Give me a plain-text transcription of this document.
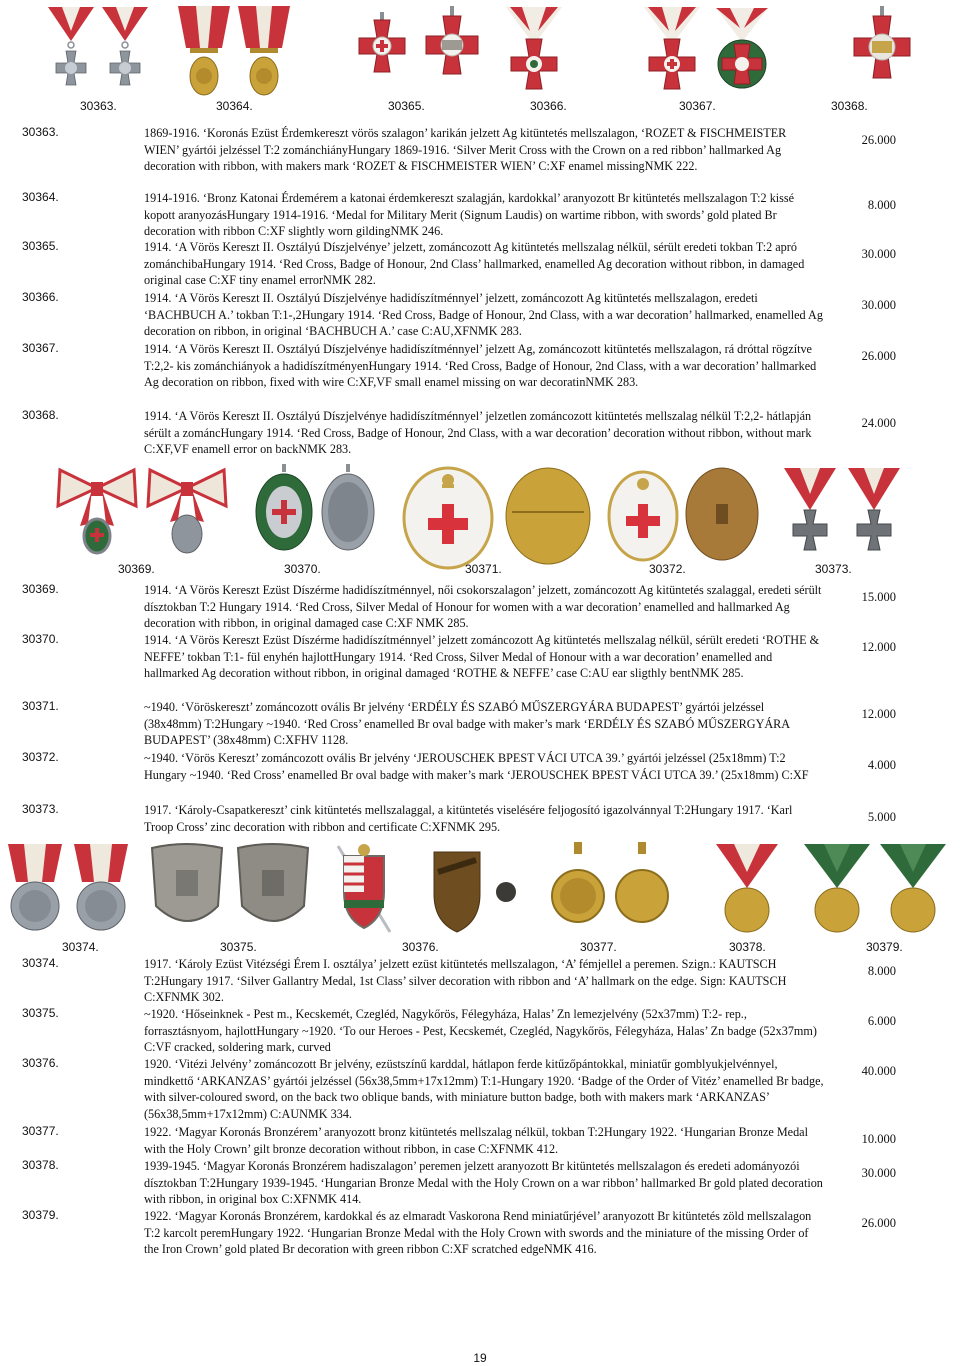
30363.	30364.	30365.	30366.	30367.	30368.
30363.	1869-1916. ‘Koronás Ezüst Érdemkereszt vörös szalagon’ karikán jelzett Ag kitüntetés mellszalagon, ‘ROZET & FISCHMEISTER WIEN’ gyártói jelzéssel T:2 zománchiányHungary 1869-1916. ‘Silver Merit Cross with the Crown on a red ribbon’ hallmarked Ag decoration with ribbon, with makers mark ‘ROZET & FISCHMEISTER WIEN’ C:XF enamel missingNMK 222.
26.000
30364.	1914-1916. ‘Bronz Katonai Érdemérem a katonai érdemkereszt szalagján, kardokkal’ aranyozott Br kitüntetés mellszalagon T:2 kissé kopott aranyozásHungary 1914-1916. ‘Medal for Military Merit (Signum Laudis) on wartime ribbon, with swords’ gold plated Br decoration with ribbon C:XF slightly worn gildingNMK 246.
8.000
30365.	1914. ‘A Vörös Kereszt II. Osztályú Díszjelvénye’ jelzett, zománcozott Ag kitüntetés mellszalag nélkül, sérült eredeti tokban T:2 apró zománchibaHungary 1914. ‘Red Cross, Badge of Honour, 2nd Class’ hallmarked, enamelled Ag decoration without ribbon, in damaged original case C:XF tiny enamel errorNMK 282.
30.000
30366.	1914. ‘A Vörös Kereszt II. Osztályú Díszjelvénye hadidíszítménnyel’ jelzett, zománcozott Ag kitüntetés mellszalagon, eredeti ‘BACHBUCH A.’ tokban T:1-,2Hungary 1914. ‘Red Cross, Badge of Honour, 2nd Class, with a war decoration’ hallmarked, enamelled Ag decoration on ribbon, in original ‘BACHBUCH A.’ case C:AU,XFNMK 283.
30.000
30367.	1914. ‘A Vörös Kereszt II. Osztályú Díszjelvénye hadidíszítménnyel’ jelzett Ag, zománcozott kitüntetés mellszalagon, rá dróttal rögzítve T:2,2- kis zománchiányok a hadidíszítményenHungary 1914. ‘Red Cross, Badge of Honour, 2nd Class, with a war decoration’ hallmarked Ag decoration on ribbon, fixed with wire C:XF,VF small enamel missing on war decoratinNMK 283.
26.000
30368.	1914. ‘A Vörös Kereszt II. Osztályú Díszjelvénye hadidíszítménnyel’ jelzetlen zománcozott kitüntetés mellszalag nélkül T:2,2- hátlapján sérült a zománcHungary 1914. ‘Red Cross, Badge of Honour, 2nd Class, with a war decoration’ decoration without ribbon, without mark C:XF,VF enamell error on backNMK 283.
24.000
30369.	30370.	30371.	30372.	30373.
30369.	1914. ‘A Vörös Kereszt Ezüst Díszérme hadidíszítménnyel, női csokorszalagon’ jelzett, zománcozott Ag kitüntetés szalaggal, eredeti sérült dísztokban T:2 Hungary 1914. ‘Red Cross, Silver Medal of Honour for women with a war decoration’ enamelled and hallmarked Ag decoration with ribbon, in original damaged case C:XF NMK 285.
15.000
30370.	1914. ‘A Vörös Kereszt Ezüst Díszérme hadidíszítménnyel’ jelzett zománcozott Ag kitüntetés mellszalag nélkül, sérült eredeti ‘ROTHE & NEFFE’ tokban T:1- fül enyhén hajlottHungary 1914. ‘Red Cross, Silver Medal of Honour with a war decoration’ enamelled and hallmarked Ag decoration without ribbon, in original damaged ‘ROTHE & NEFFE’ case C:AU ear sligthly bentNMK 285.
12.000
30371.	~1940. ‘Vöröskereszt’ zománcozott ovális Br jelvény ‘ERDÉLY ÉS SZABÓ MŰSZERGYÁRA BUDAPEST’ gyártói jelzéssel (38x48mm) T:2Hungary ~1940. ‘Red Cross’ enamelled Br oval badge with maker’s mark ‘ERDÉLY ÉS SZABÓ MŰSZERGYÁRA BUDAPEST’ (38x48mm) C:XFHV 1128.
12.000
30372.	~1940. ‘Vörös Kereszt’ zománcozott ovális Br jelvény ‘JEROUSCHEK BPEST VÁCI UTCA 39.’ gyártói jelzéssel (25x18mm) T:2 Hungary ~1940. ‘Red Cross’ enamelled Br oval badge with maker’s mark ‘JEROUSCHEK BPEST VÁCI UTCA 39.’ (25x18mm) C:XF
4.000
30373.	1917. ‘Károly-Csapatkereszt’ cink kitüntetés mellszalaggal, a kitüntetés viselésére feljogosító igazolvánnyal T:2Hungary 1917. ‘Karl Troop Cross’ zinc decoration with ribbon and certificate C:XFNMK 295.
5.000
30374.	30375.	30376.	30377.	30378.	30379.
30374.	1917. ‘Károly Ezüst Vitézségi Érem I. osztálya’ jelzett ezüst kitüntetés mellszalagon, ‘A’ fémjellel a peremen. Szign.: KAUTSCH T:2Hungary 1917. ‘Silver Gallantry Medal, 1st Class’ silver decoration with ribbon and ‘A’ hallmark on the edge. Sign: KAUTSCH C:XFNMK 302.
8.000
30375.	~1920. ‘Hőseinknek - Pest m., Kecskemét, Czegléd, Nagykőrös, Félegyháza, Halas’ Zn lemezjelvény (52x37mm) T:2- rep., forrasztásnyom, hajlottHungary ~1920. ‘To our Heroes - Pest, Kecskemét, Czegléd, Nagykőrös, Félegyháza, Halas’ Zn badge (52x37mm) C:VF cracked, soldering mark, curved
6.000
30376.	1920. ‘Vitézi Jelvény’ zománcozott Br jelvény, ezüstszínű karddal, hátlapon ferde kitűzőpántokkal, miniatűr gomblyukjelvénnyel, mindkettő ‘ARKANZAS’ gyártói jelzéssel (56x38,5mm+17x12mm) T:1-Hungary 1920. ‘Badge of the Order of Vitéz’ enamelled Br badge, with silver-coloured sword, on the back two oblique bands, with miniature button badge, both with makers mark ‘ARKANZAS’ (56x38,5mm+17x12mm) C:AUNMK 334.
40.000
30377.	1922. ‘Magyar Koronás Bronzérem’ aranyozott bronz kitüntetés mellszalag nélkül, tokban T:2Hungary 1922. ‘Hungarian Bronze Medal with the Holy Crown’ gilt bronze decoration without ribbon, in case C:XFNMK 412.
10.000
30378.	1939-1945. ‘Magyar Koronás Bronzérem hadiszalagon’ peremen jelzett aranyozott Br kitüntetés mellszalagon és eredeti adományozói dísztokban T:2Hungary 1939-1945. ‘Hungarian Bronze Medal with the Holy Crown on a war ribbon’ hallmarked Br gold plated decoration with ribbon, in original box C:XFNMK 414.
30.000
30379.	1922. ‘Magyar Koronás Bronzérem, kardokkal és az elmaradt Vaskorona Rend miniatűrjével’ aranyozott Br kitüntetés zöld mellszalagon T:2 karcolt peremHungary 1922. ‘Hungarian Bronze Medal with the Holy Crown with swords and the miniature of the missing Order of the Iron Crown’ gold plated Br decoration with green ribbon C:XF scratched edgeNMK 416.
26.000
19
